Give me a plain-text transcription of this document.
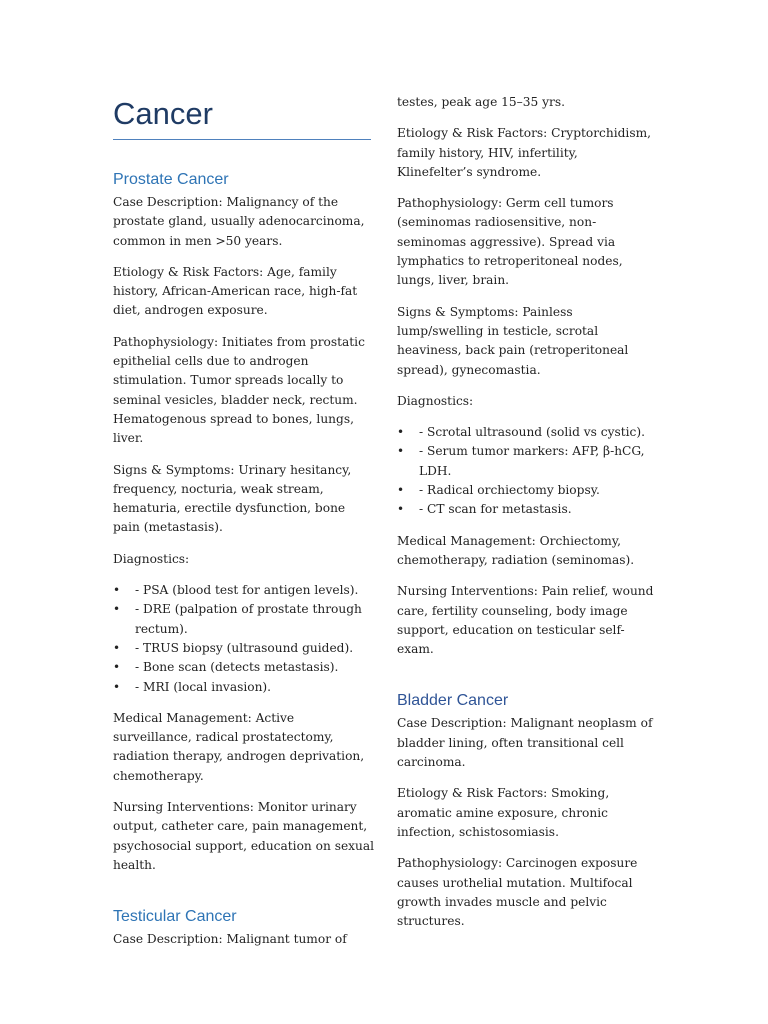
Cancer
Prostate Cancer

Case Description: Malignancy of the prostate gland, usually adenocarcinoma, common in men >50 years.

Etiology & Risk Factors: Age, family history, African-American race, high-fat diet, androgen exposure.

Pathophysiology: Initiates from prostatic epithelial cells due to androgen stimulation. Tumor spreads locally to seminal vesicles, bladder neck, rectum. Hematogenous spread to bones, lungs, liver.

Signs & Symptoms: Urinary hesitancy, frequency, nocturia, weak stream, hematuria, erectile dysfunction, bone pain (metastasis).

Diagnostics:

•	- PSA (blood test for antigen levels).
•	- DRE (palpation of prostate through rectum).
•	- TRUS biopsy (ultrasound guided).
•	- Bone scan (detects metastasis).
•	- MRI (local invasion).

Medical Management: Active surveillance, radical prostatectomy, radiation therapy, androgen deprivation, chemotherapy.

Nursing Interventions: Monitor urinary output, catheter care, pain management, psychosocial support, education on sexual health.

Testicular Cancer

Case Description: Malignant tumor of

testes, peak age 15–35 yrs.

Etiology & Risk Factors: Cryptorchidism, family history, HIV, infertility, Klinefelter’s syndrome.

Pathophysiology: Germ cell tumors (seminomas radiosensitive, non-seminomas aggressive). Spread via lymphatics to retroperitoneal nodes, lungs, liver, brain.

Signs & Symptoms: Painless lump/swelling in testicle, scrotal heaviness, back pain (retroperitoneal spread), gynecomastia.

Diagnostics:

•	- Scrotal ultrasound (solid vs cystic).
•	- Serum tumor markers: AFP, β-hCG, LDH.
•	- Radical orchiectomy biopsy.
•	- CT scan for metastasis.

Medical Management: Orchiectomy, chemotherapy, radiation (seminomas).

Nursing Interventions: Pain relief, wound care, fertility counseling, body image support, education on testicular self-exam.

Bladder Cancer

Case Description: Malignant neoplasm of bladder lining, often transitional cell carcinoma.

Etiology & Risk Factors: Smoking, aromatic amine exposure, chronic infection, schistosomiasis.

Pathophysiology: Carcinogen exposure causes urothelial mutation. Multifocal growth invades muscle and pelvic structures.
